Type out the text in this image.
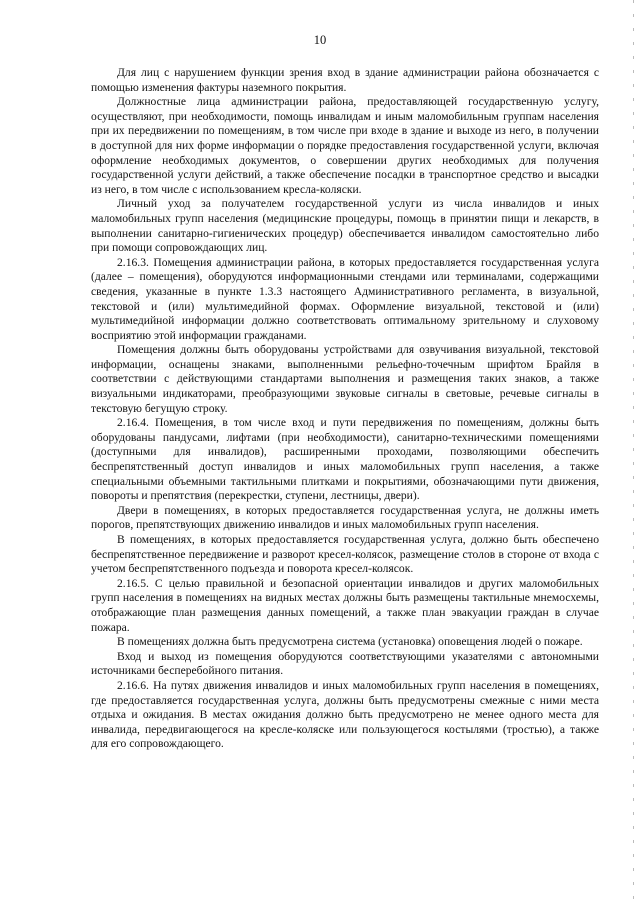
10

Для лиц с нарушением функции зрения вход в здание администрации района обозначается с помощью изменения фактуры наземного покрытия.

Должностные лица администрации района, предоставляющей государственную услугу, осуществляют, при необходимости, помощь инвалидам и иным маломобильным группам населения при их передвижении по помещениям, в том числе при входе в здание и выходе из него, в получении в доступной для них форме информации о порядке предоставления государственной услуги, включая оформление необходимых документов, о совершении других необходимых для получения государственной услуги действий, а также обеспечение посадки в транспортное средство и высадки из него, в том числе с использованием кресла-коляски.

Личный уход за получателем государственной услуги из числа инвалидов и иных маломобильных групп населения (медицинские процедуры, помощь в принятии пищи и лекарств, в выполнении санитарно-гигиенических процедур) обеспечивается инвалидом самостоятельно либо при помощи сопровождающих лиц.

2.16.3. Помещения администрации района, в которых предоставляется государственная услуга (далее – помещения), оборудуются информационными стендами или терминалами, содержащими сведения, указанные в пункте 1.3.3 настоящего Административного регламента, в визуальной, текстовой и (или) мультимедийной формах. Оформление визуальной, текстовой и (или) мультимедийной информации должно соответствовать оптимальному зрительному и слуховому восприятию этой информации гражданами.

Помещения должны быть оборудованы устройствами для озвучивания визуальной, текстовой информации, оснащены знаками, выполненными рельефно-точечным шрифтом Брайля в соответствии с действующими стандартами выполнения и размещения таких знаков, а также визуальными индикаторами, преобразующими звуковые сигналы в световые, речевые сигналы в текстовую бегущую строку.

2.16.4. Помещения, в том числе вход и пути передвижения по помещениям, должны быть оборудованы пандусами, лифтами (при необходимости), санитарно-техническими помещениями (доступными для инвалидов), расширенными проходами, позволяющими обеспечить беспрепятственный доступ инвалидов и иных маломобильных групп населения, а также специальными объемными тактильными плитками и покрытиями, обозначающими пути движения, повороты и препятствия (перекрестки, ступени, лестницы, двери).

Двери в помещениях, в которых предоставляется государственная услуга, не должны иметь порогов, препятствующих движению инвалидов и иных маломобильных групп населения.

В помещениях, в которых предоставляется государственная услуга, должно быть обеспечено беспрепятственное передвижение и разворот кресел-колясок, размещение столов в стороне от входа с учетом беспрепятственного подъезда и поворота кресел-колясок.

2.16.5. С целью правильной и безопасной ориентации инвалидов и других маломобильных групп населения в помещениях на видных местах должны быть размещены тактильные мнемосхемы, отображающие план размещения данных помещений, а также план эвакуации граждан в случае пожара.

В помещениях должна быть предусмотрена система (установка) оповещения людей о пожаре.

Вход и выход из помещения оборудуются соответствующими указателями с автономными источниками бесперебойного питания.

2.16.6. На путях движения инвалидов и иных маломобильных групп населения в помещениях, где предоставляется государственная услуга, должны быть предусмотрены смежные с ними места отдыха и ожидания. В местах ожидания должно быть предусмотрено не менее одного места для инвалида, передвигающегося на кресле-коляске или пользующегося костылями (тростью), а также для его сопровождающего.
